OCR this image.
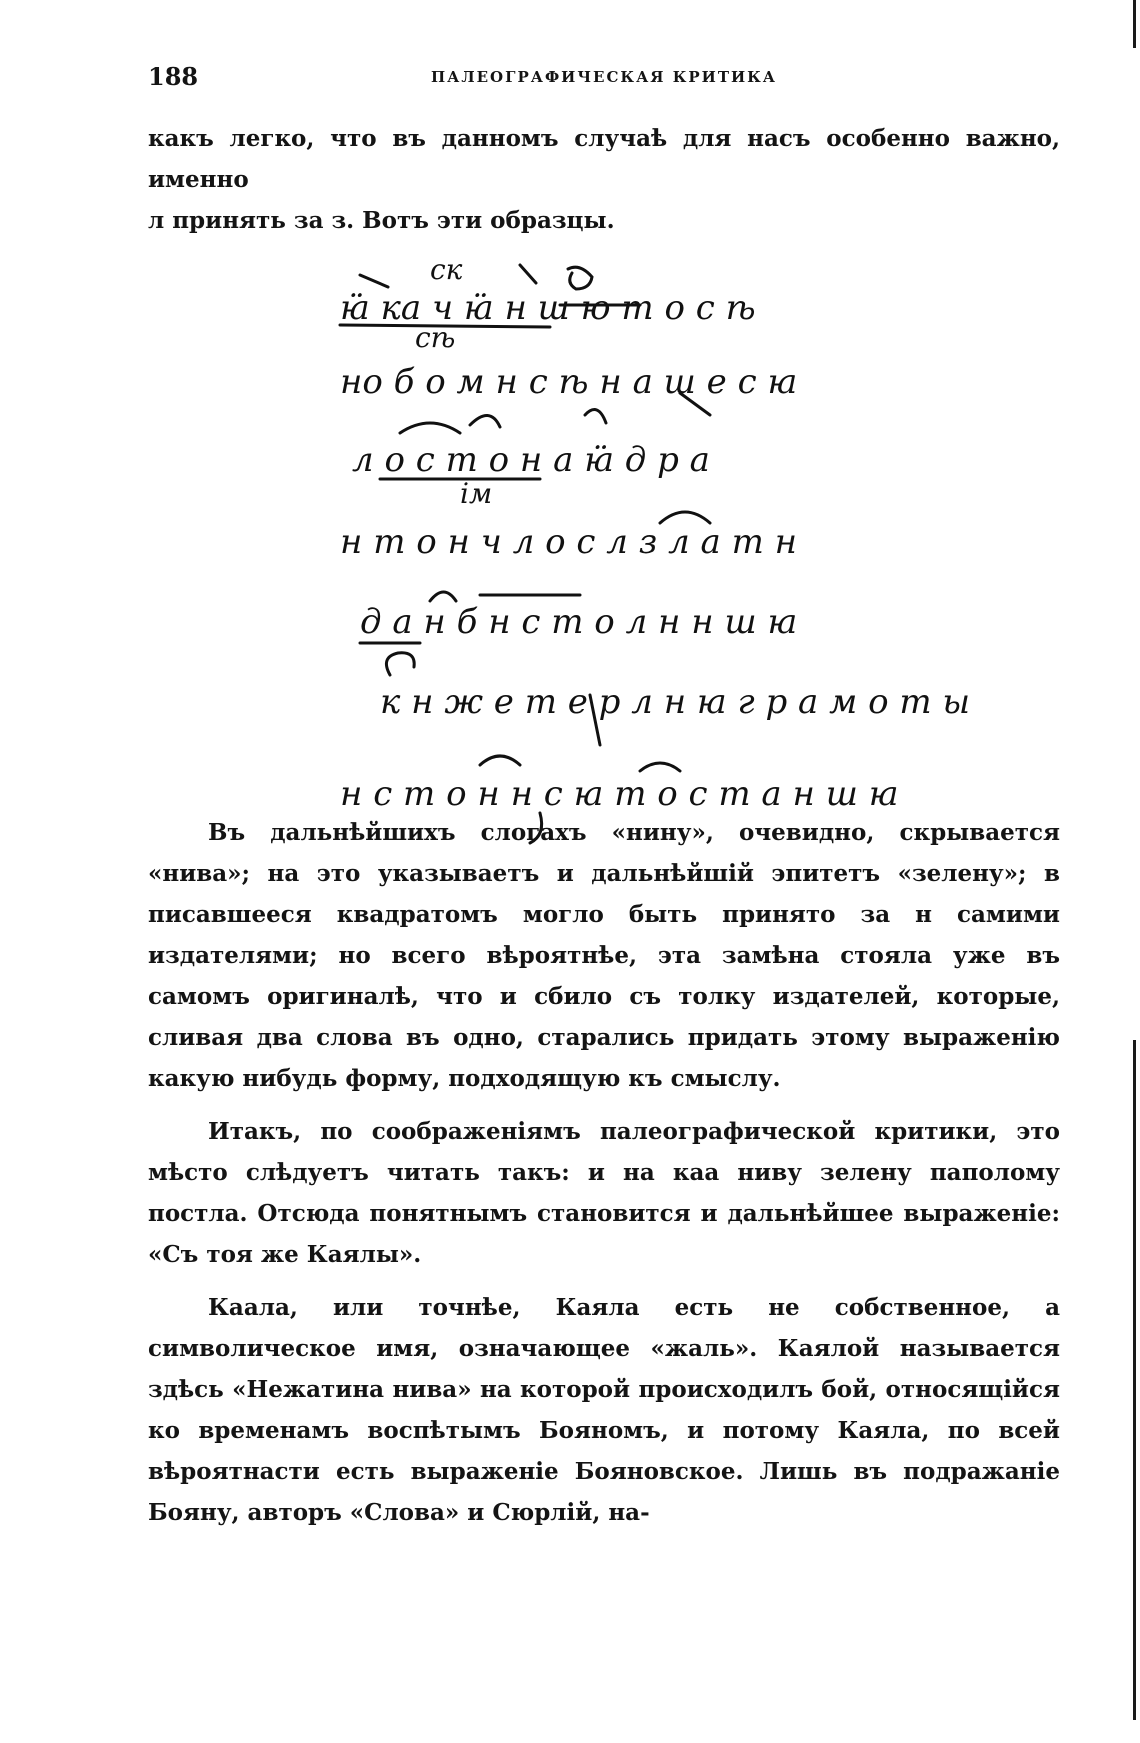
188	ПАЛЕОГРАФИЧЕСКАЯ КРИТИКА

какъ легко, что въ данномъ случаѣ для насъ особенно важно, именно

л принять за з. Вотъ эти образцы.

ск
ꙗ̈ ка ч ꙗ̈ н ш ю т о с ѣ
сѣ
но б о м н с ѣ н а ш е с ꙗ
л о с т о н а ꙗ̈ д р а
ім
н т о н ч л о с л з л а т н
д а н б н с т о л н н ш ꙗ
к н ж е т е р л н ꙗ г р а м о т ы
н с т о н н с ꙗ т о с т а н ш ꙗ

Въ дальнѣйшихъ слогахъ «нину», очевидно, скрывается «нива»; на это указываетъ и дальнѣйшій эпитетъ «зелену»; в писавшееся квадратомъ могло быть принято за н самими издателями; но всего вѣроятнѣе, эта замѣна стояла уже въ самомъ оригиналѣ, что и сбило съ толку издателей, которые, сливая два слова въ одно, старались придать этому выраженію какую нибудь форму, подходящую къ смыслу.

Итакъ, по соображеніямъ палеографической критики, это мѣсто слѣдуетъ читать такъ: и на каа ниву зелену паполому постла. Отсюда понятнымъ становится и дальнѣйшее выраженіе: «Съ тоя же Каялы».

Каала, или точнѣе, Каяла есть не собственное, а символическое имя, означающее «жаль». Каялой называется здѣсь «Нежатина нива» на которой происходилъ бой, относящійся ко временамъ воспѣтымъ Бояномъ, и потому Каяла, по всей вѣроятнасти есть выраженіе Бояновское. Лишь въ подражаніе Бояну, авторъ «Слова» и Сюрлій, на-
